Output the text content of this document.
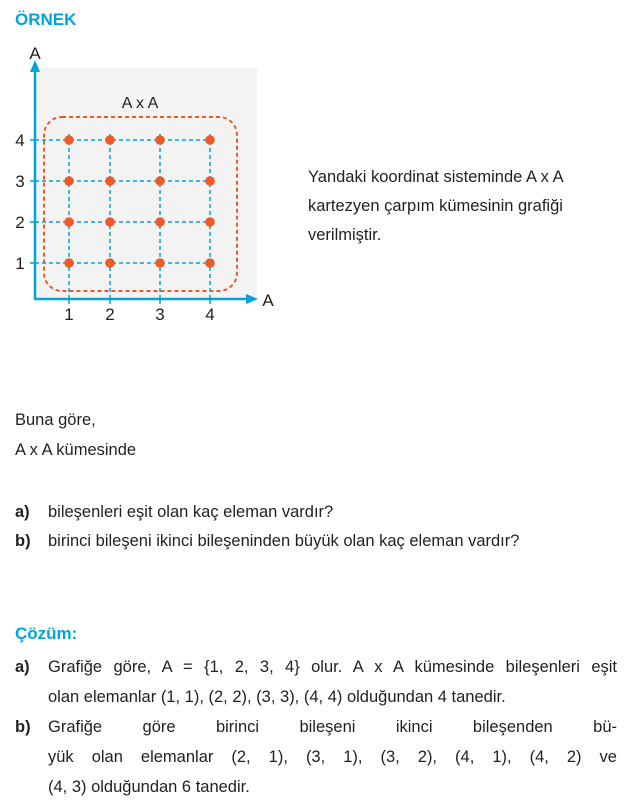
ÖRNEK
A
A
A x A
1 2 3 4
1
2
3
4
Yandaki koordinat sisteminde A x A
kartezyen çarpım kümesinin grafiği
verilmiştir.
Buna göre,
A x A kümesinde
a)	bileşenleri eşit olan kaç eleman vardır?
b)	birinci bileşeni ikinci bileşeninden büyük olan kaç eleman vardır?
Çözüm:
a)	Grafiğe göre, A = {1, 2, 3, 4} olur. A x A kümesinde bileşenleri eşit
olan elemanlar (1, 1), (2, 2), (3, 3), (4, 4) olduğundan 4 tanedir.
b)	Grafiğe göre birinci bileşeni ikinci bileşenden bü-
yük olan elemanlar (2, 1), (3, 1), (3, 2), (4, 1), (4, 2) ve
(4, 3) olduğundan 6 tanedir.
